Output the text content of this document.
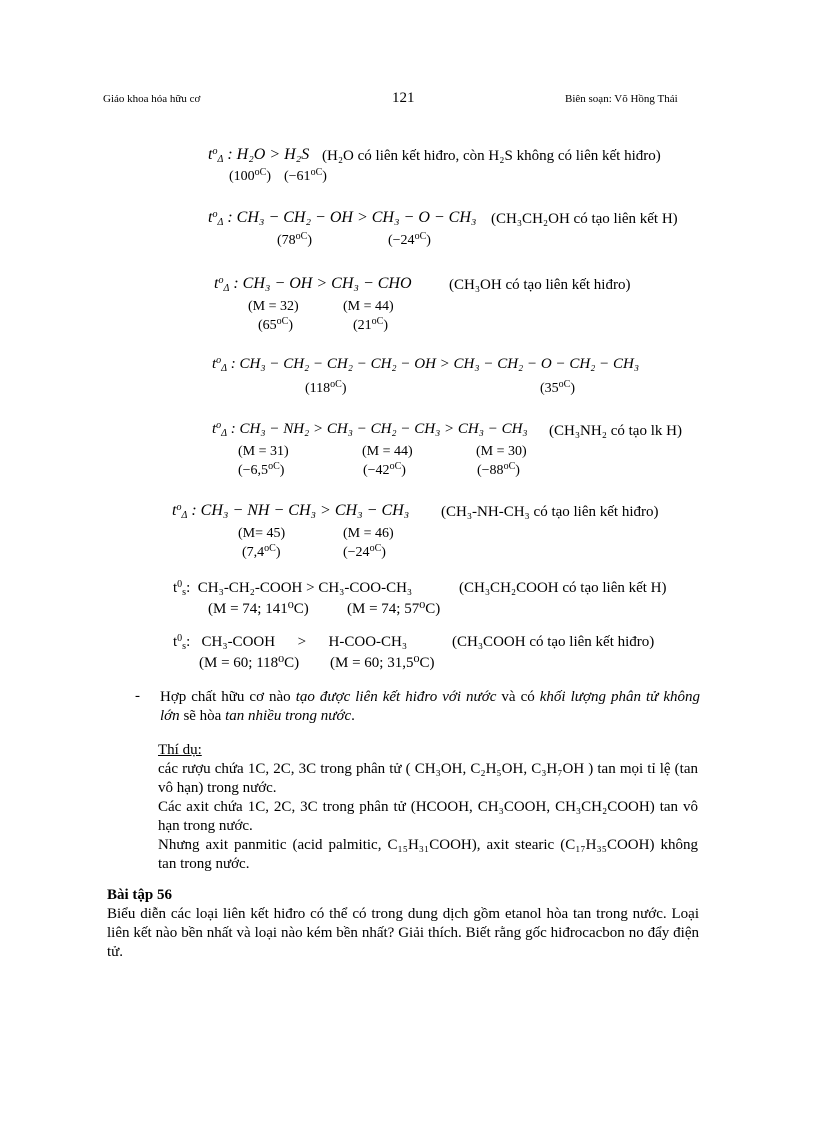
Giáo khoa hóa hữu cơ	121	Biên soạn: Võ Hồng Thái
$t^o_\Delta$ : H₂O > H₂S (H₂O có liên kết hiđro, còn H₂S không có liên kết hiđro)
$(100^{oC})$ $(-61^{oC})$
$t^o_\Delta$ : CH₃ − CH₂ − OH > CH₃ − O − CH₃ (CH₃CH₂OH có tạo liên kết H)
$(78^{oC})$	$(-24^{oC})$
$t^o_\Delta$ : CH₃ − OH > CH₃ − CHO (CH₃OH có tạo liên kết hiđro)
(M = 32)	(M = 44)
$(65^{oC})$	$(21^{oC})$
$t^o_\Delta$ : CH₃ − CH₂ − CH₂ − CH₂ − OH > CH₃ − CH₂ − O − CH₂ − CH₃
$(118^{oC})$	$(35^{oC})$
$t^o_\Delta$ : CH₃ − NH₂ > CH₃ − CH₂ − CH₃ > CH₃ − CH₃ (CH₃NH₂ có tạo lk H)
(M = 31)	(M = 44)	(M = 30)
$(-6,5^{oC})$	$(-42^{oC})$	$(-88^{oC})$
$t^o_\Delta$ : CH₃ − NH − CH₃ > CH₃ − CH₃ (CH₃-NH-CH₃ có tạo liên kết hiđro)
(M= 45)	(M = 46)
$(7,4^{oC})$	$(-24^{oC})$
$t^0_s$:  CH₃-CH₂-COOH > CH₃-COO-CH₃	(CH₃CH₂COOH có tạo liên kết H)
(M = 74; 141⁰C)	(M = 74; 57⁰C)
$t^0_s$:   CH₃-COOH      >      H-COO-CH₃	(CH₃COOH có tạo liên kết hiđro)
(M = 60; 118⁰C) (M = 60; 31,5⁰C)
- Hợp chất hữu cơ nào tạo được liên kết hiđro với nước và có khối lượng phân tử không lớn sẽ hòa tan nhiều trong nước.
Thí dụ:
các rượu chứa 1C, 2C, 3C trong phân tử ( CH₃OH, C₂H₅OH, C₃H₇OH ) tan mọi tỉ lệ (tan vô hạn) trong nước.
Các axit chứa 1C, 2C, 3C trong phân tử (HCOOH, CH₃COOH, CH₃CH₂COOH) tan vô hạn trong nước.
Nhưng axit panmitic (acid palmitic, C₁₅H₃₁COOH), axit stearic (C₁₇H₃₅COOH) không tan trong nước.
Bài tập 56
Biểu diễn các loại liên kết hiđro có thể có trong dung dịch gồm etanol hòa tan trong nước. Loại liên kết nào bền nhất và loại nào kém bền nhất? Giải thích. Biết rằng gốc hiđrocacbon no đẩy điện tử.
